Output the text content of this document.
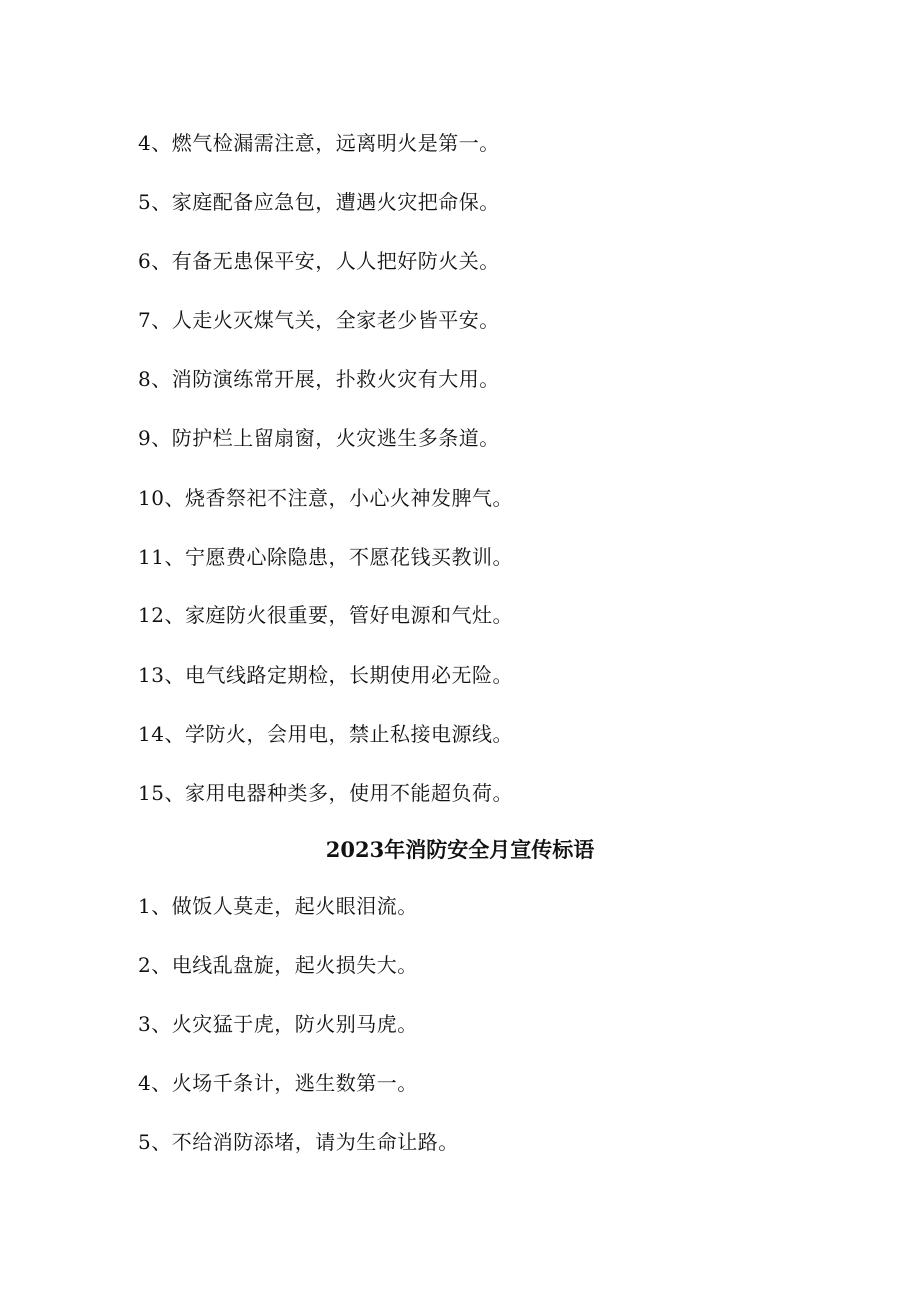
4、燃气检漏需注意，远离明火是第一。
5、家庭配备应急包，遭遇火灾把命保。
6、有备无患保平安，人人把好防火关。
7、人走火灭煤气关，全家老少皆平安。
8、消防演练常开展，扑救火灾有大用。
9、防护栏上留扇窗，火灾逃生多条道。
10、烧香祭祀不注意，小心火神发脾气。
11、宁愿费心除隐患，不愿花钱买教训。
12、家庭防火很重要，管好电源和气灶。
13、电气线路定期检，长期使用必无险。
14、学防火，会用电，禁止私接电源线。
15、家用电器种类多，使用不能超负荷。
2023年消防安全月宣传标语
1、做饭人莫走，起火眼泪流。
2、电线乱盘旋，起火损失大。
3、火灾猛于虎，防火别马虎。
4、火场千条计，逃生数第一。
5、不给消防添堵，请为生命让路。
